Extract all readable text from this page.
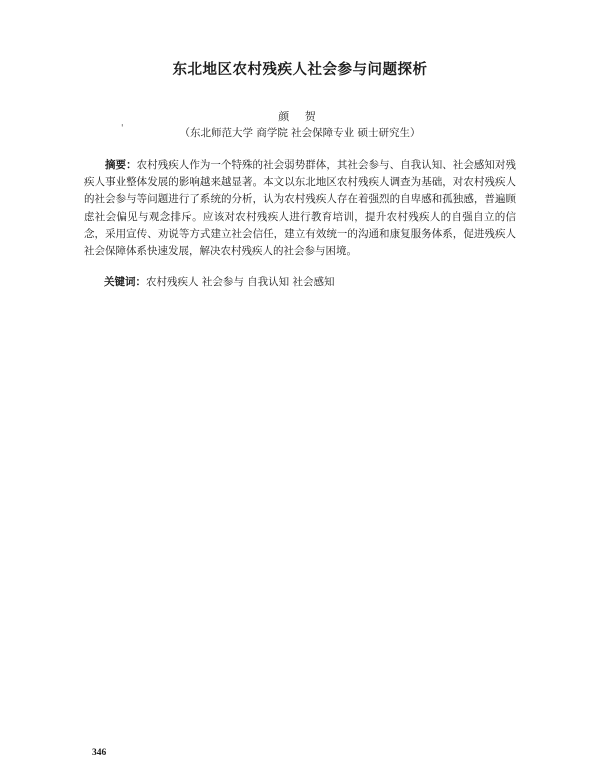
东北地区农村残疾人社会参与问题探析
颜 贺
'	（东北师范大学 商学院 社会保障专业 硕士研究生）
摘要：农村残疾人作为一个特殊的社会弱势群体，其社会参与、自我认知、社会感知对残疾人事业整体发展的影响越来越显著。本文以东北地区农村残疾人调查为基础，对农村残疾人的社会参与等问题进行了系统的分析，认为农村残疾人存在着强烈的自卑感和孤独感，普遍顾虑社会偏见与观念排斥。应该对农村残疾人进行教育培训，提升农村残疾人的自强自立的信念，采用宣传、劝说等方式建立社会信任，建立有效统一的沟通和康复服务体系，促进残疾人社会保障体系快速发展，解决农村残疾人的社会参与困境。
关键词：农村残疾人 社会参与 自我认知 社会感知
346
